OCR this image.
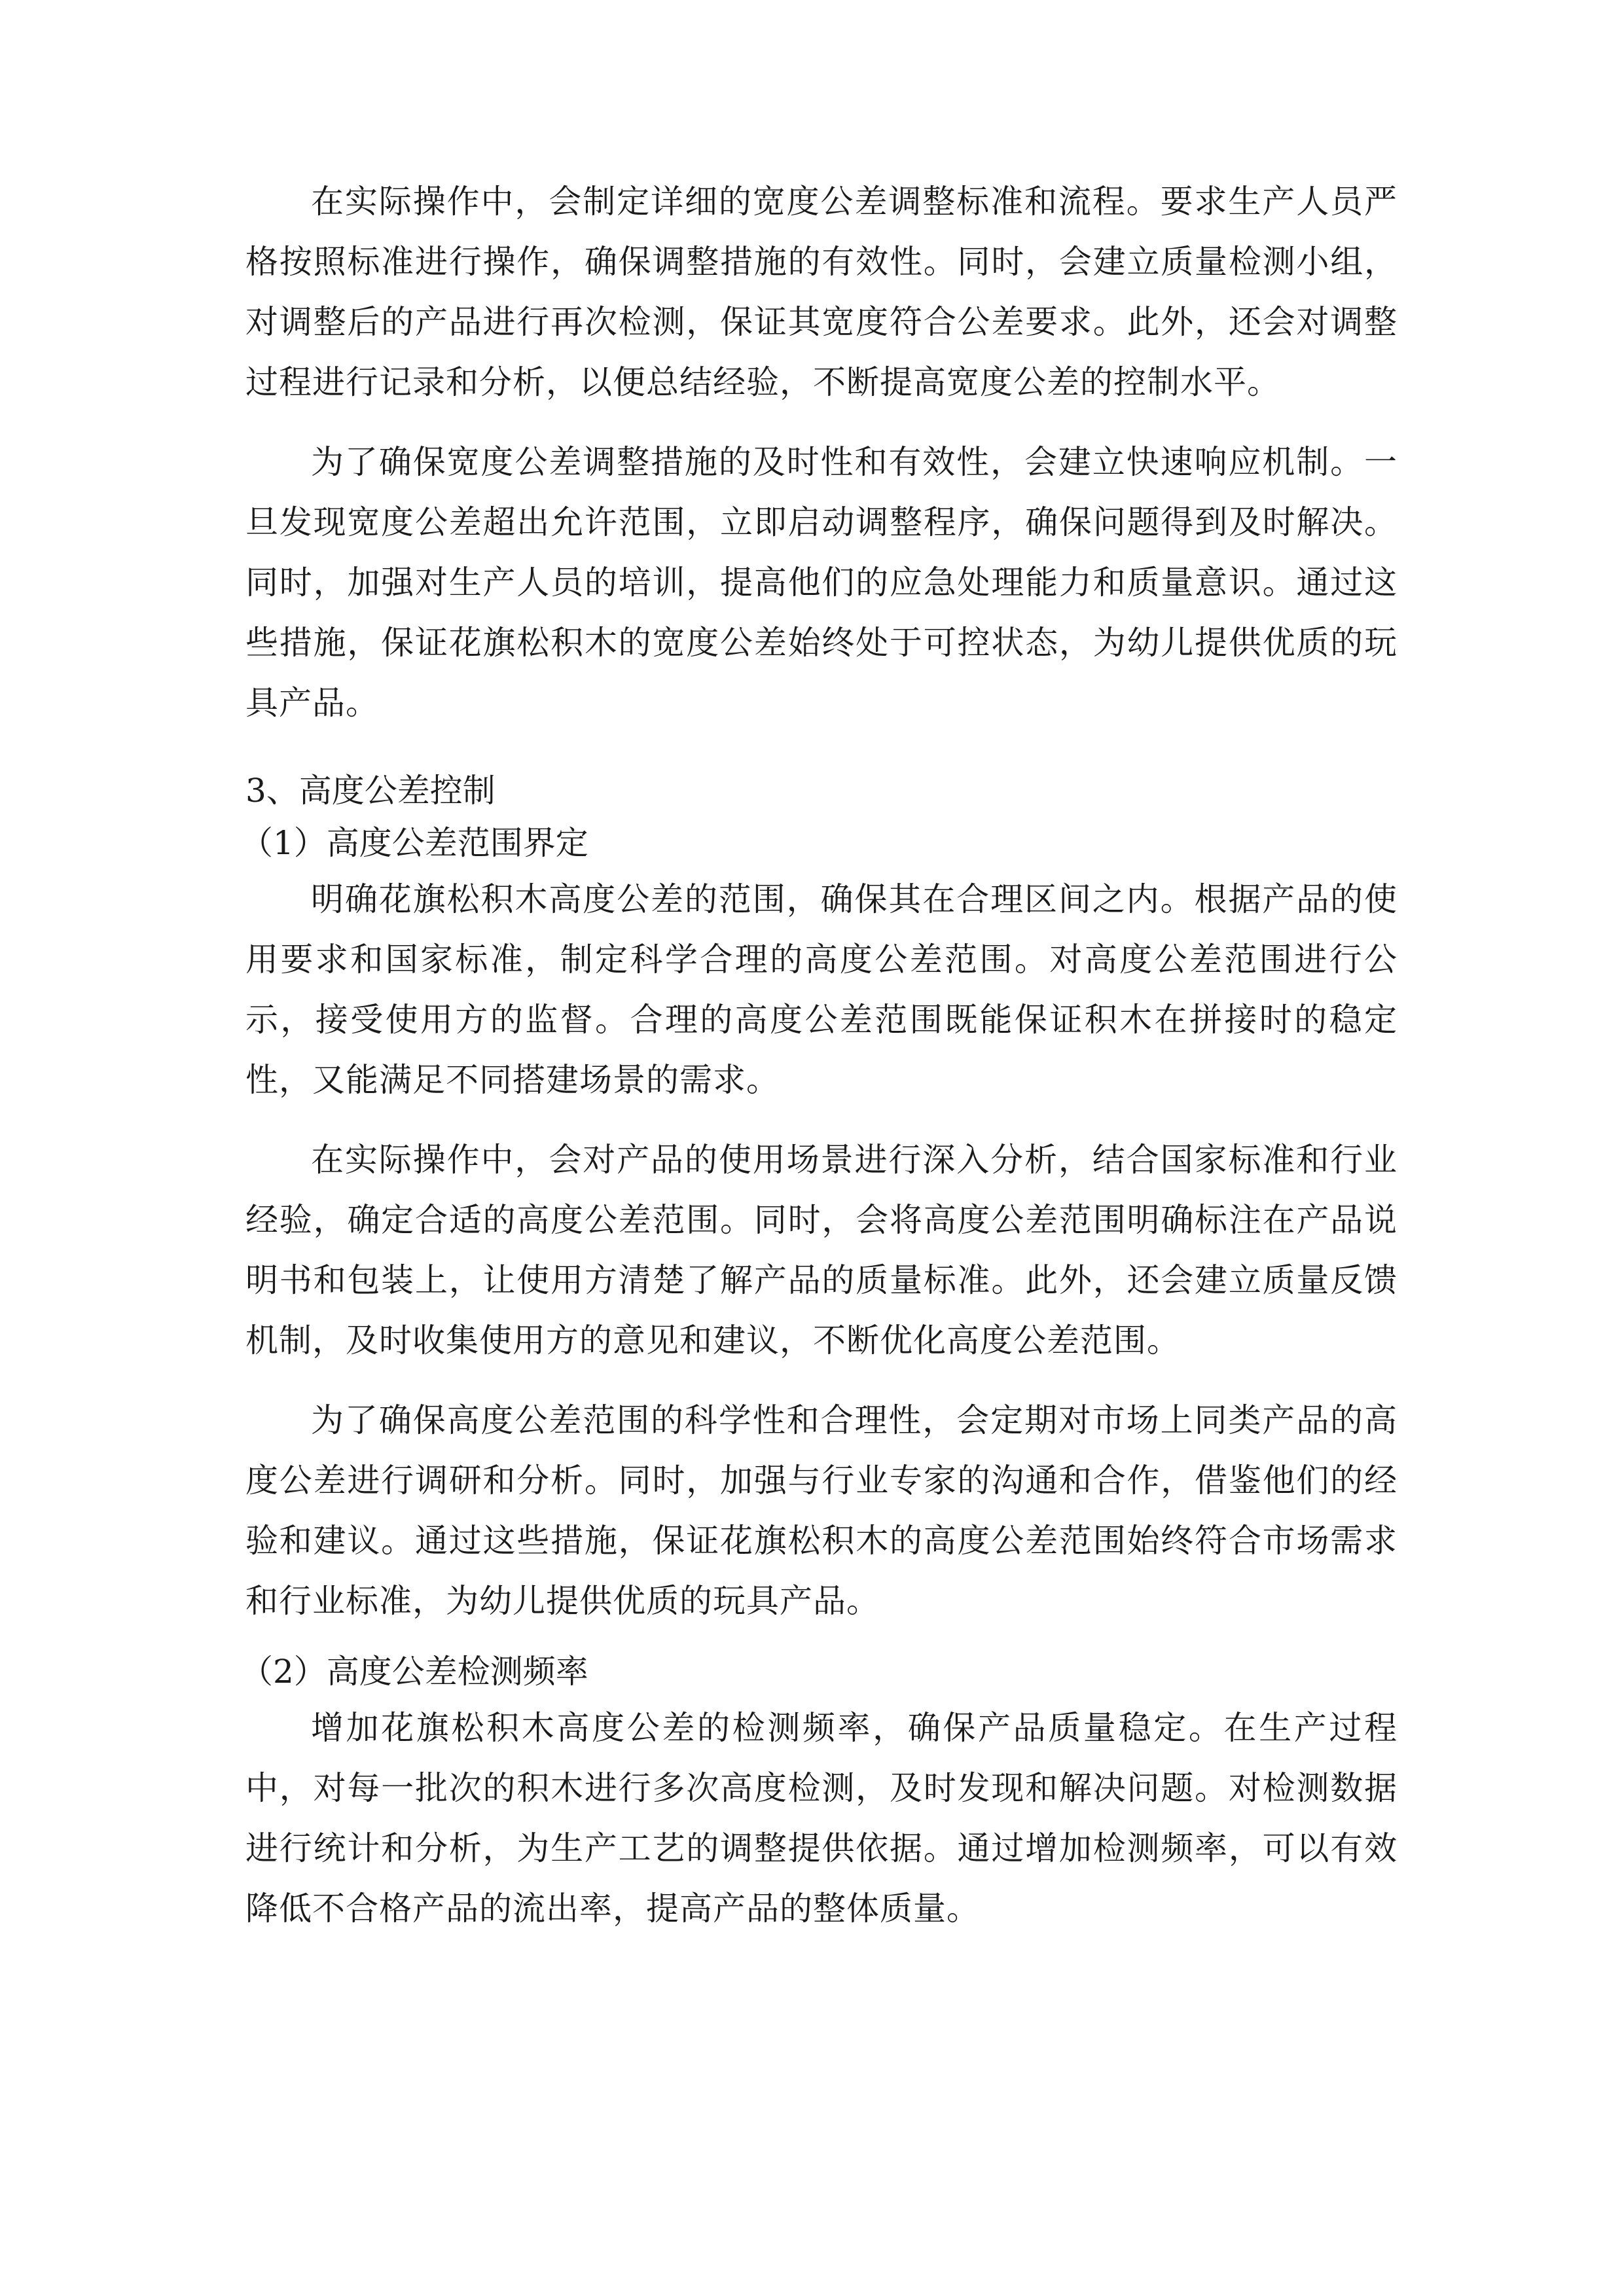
在实际操作中，会制定详细的宽度公差调整标准和流程。要求生产人员严格按照标准进行操作，确保调整措施的有效性。同时，会建立质量检测小组，对调整后的产品进行再次检测，保证其宽度符合公差要求。此外，还会对调整过程进行记录和分析，以便总结经验，不断提高宽度公差的控制水平。

为了确保宽度公差调整措施的及时性和有效性，会建立快速响应机制。一旦发现宽度公差超出允许范围，立即启动调整程序，确保问题得到及时解决。同时，加强对生产人员的培训，提高他们的应急处理能力和质量意识。通过这些措施，保证花旗松积木的宽度公差始终处于可控状态，为幼儿提供优质的玩具产品。

3、高度公差控制

（1）高度公差范围界定

明确花旗松积木高度公差的范围，确保其在合理区间之内。根据产品的使用要求和国家标准，制定科学合理的高度公差范围。对高度公差范围进行公示，接受使用方的监督。合理的高度公差范围既能保证积木在拼接时的稳定性，又能满足不同搭建场景的需求。

在实际操作中，会对产品的使用场景进行深入分析，结合国家标准和行业经验，确定合适的高度公差范围。同时，会将高度公差范围明确标注在产品说明书和包装上，让使用方清楚了解产品的质量标准。此外，还会建立质量反馈机制，及时收集使用方的意见和建议，不断优化高度公差范围。

为了确保高度公差范围的科学性和合理性，会定期对市场上同类产品的高度公差进行调研和分析。同时，加强与行业专家的沟通和合作，借鉴他们的经验和建议。通过这些措施，保证花旗松积木的高度公差范围始终符合市场需求和行业标准，为幼儿提供优质的玩具产品。

（2）高度公差检测频率

增加花旗松积木高度公差的检测频率，确保产品质量稳定。在生产过程中，对每一批次的积木进行多次高度检测，及时发现和解决问题。对检测数据进行统计和分析，为生产工艺的调整提供依据。通过增加检测频率，可以有效降低不合格产品的流出率，提高产品的整体质量。
